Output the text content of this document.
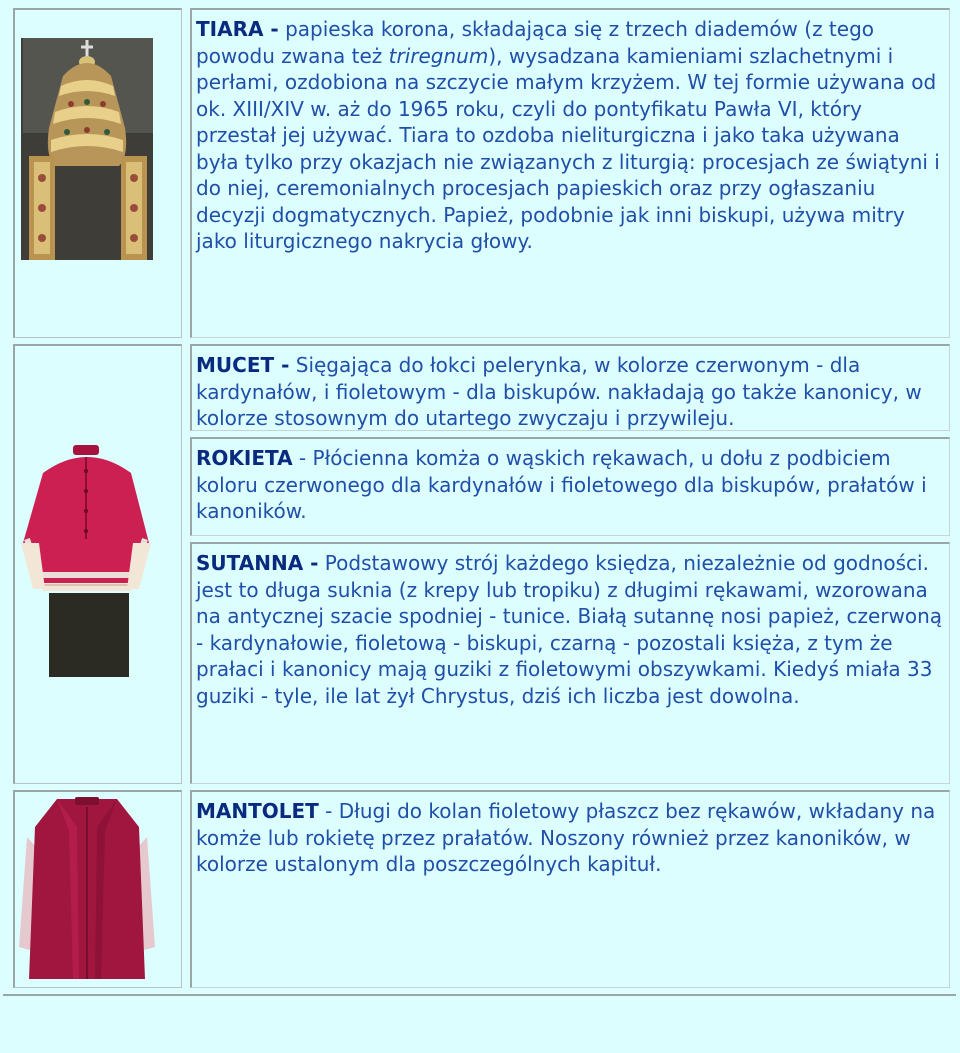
TIARA - papieska korona, składająca się z trzech diademów (z tego powodu zwana też triregnum), wysadzana kamieniami szlachetnymi i perłami, ozdobiona na szczycie małym krzyżem. W tej formie używana od ok. XIII/XIV w. aż do 1965 roku, czyli do pontyfikatu Pawła VI, który przestał jej używać. Tiara to ozdoba nieliturgiczna i jako taka używana była tylko przy okazjach nie związanych z liturgią: procesjach ze świątyni i do niej, ceremonialnych procesjach papieskich oraz przy ogłaszaniu decyzji dogmatycznych. Papież, podobnie jak inni biskupi, używa mitry jako liturgicznego nakrycia głowy.

MUCET - Sięgająca do łokci pelerynka, w kolorze czerwonym - dla kardynałów, i fioletowym - dla biskupów. nakładają go także kanonicy, w kolorze stosownym do utartego zwyczaju i przywileju.

ROKIETA - Płócienna komża o wąskich rękawach, u dołu z podbiciem koloru czerwonego dla kardynałów i fioletowego dla biskupów, prałatów i kanoników.

SUTANNA - Podstawowy strój każdego księdza, niezależnie od godności. jest to długa suknia (z krepy lub tropiku) z długimi rękawami, wzorowana na antycznej szacie spodniej - tunice. Białą sutannę nosi papież, czerwoną - kardynałowie, fioletową - biskupi, czarną - pozostali księża, z tym że prałaci i kanonicy mają guziki z fioletowymi obszywkami. Kiedyś miała 33 guziki - tyle, ile lat żył Chrystus, dziś ich liczba jest dowolna.

MANTOLET - Długi do kolan fioletowy płaszcz bez rękawów, wkładany na komże lub rokietę przez prałatów. Noszony również przez kanoników, w kolorze ustalonym dla poszczególnych kapituł.
